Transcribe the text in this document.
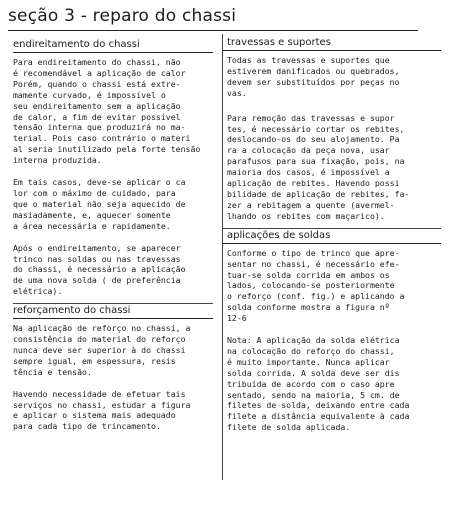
seção 3 - reparo do chassi
endireitamento do chassi
Para endireitamento do chassi, não
é recomendável a aplicação de calor
Porém, quando o chassi está extre-
mamente curvado, é impossível o
seu endireitamento sem a aplicação
de calor, a fim de evitar possível
tensão interna que produzirá no ma-
terial. Pois caso contrário o materi
al seria inutilizado pela forte tensão
interna produzida.
Em tais casos, deve-se aplicar o ca
lor com o máximo de cuidado, para
que o material não seja aquecido de
masiadamente, e, aquecer somente
a área necessária e rapidamente.
Após o endireitamento, se aparecer
trinco nas soldas ou nas travessas
do chassi, é necessário a aplicação
de uma nova solda ( de preferência
elétrica).
reforçamento do chassi
Na aplicação de reforço no chassi, a
consistência do material do reforço
nunca deve ser superior à do chassi
sempre igual, em espessura, resis
tência e tensão.
Havendo necessidade de efetuar tais
serviços no chassi, estudar a figura
e aplicar o sistema mais adequado
para cada tipo de trincamento.
travessas e suportes
Todas as travessas e suportes que
estiverem danificados ou quebrados,
devem ser substituídos por peças no
vas.
Para remoção das travessas e supor
tes, é necessário cortar os rebites,
deslocando-os do seu alojamento. Pa
ra a colocação da peça nova, usar
parafusos para sua fixação, pois, na
maioria dos casos, é impossível a
aplicação de rebites. Havendo possi
bilidade de aplicação de rebites, fa-
zer a rebitagem a quente (avermel-
lhando os rebites com maçarico).
aplicações de soldas
Conforme o tipo de trinco que apre-
sentar no chassi, é necessário efe-
tuar-se solda corrida em ambos os
lados, colocando-se posteriormente
o reforço (conf. fig.) e aplicando a
solda conforme mostra a figura nº
12-6
Nota: A aplicação da solda elétrica
na colocação do reforço do chassi,
é muito importante. Nunca aplicar
solda corrida. A solda deve ser dis
tribuída de acordo com o caso apre
sentado, sendo na maioria, 5 cm. de
filetes de solda, deixando entre cada
filete a distância equivalente à cada
filete de solda aplicada.
